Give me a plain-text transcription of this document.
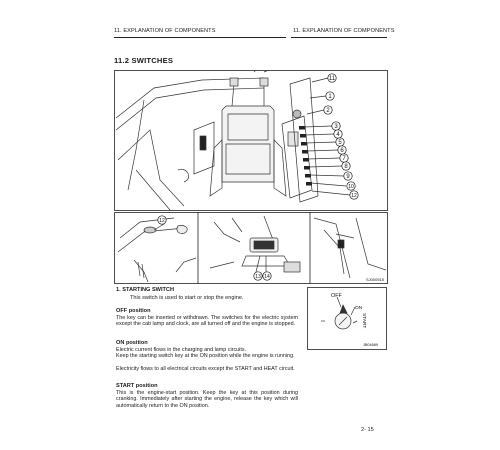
11. EXPLANATION OF COMPONENTS	11. EXPLANATION OF COMPONENTS
11.2 SWITCHES
11
1
2
3
4
5
6
7
8
9
10
12
12
13 14	SJ000515
1. STARTING SWITCH
This switch is used to start or stop the engine.
OFF position
The key can be inserted or withdrawn. The switches for the electric system except the cab lamp and clock, are all turned off and the engine is stopped.
ON position
Electric current flows in the charging and lamp circuits.
Keep the starting switch key at the ON position while the engine is running.
Electricity flows to all electrical circuits except the START and HEAT circuit.
START position
This is the engine-start position. Keep the key at this position during cranking. Immediately after starting the engine, release the key which will automatically return to the ON position.
OFF
ON
START
JB04689
2- 15
